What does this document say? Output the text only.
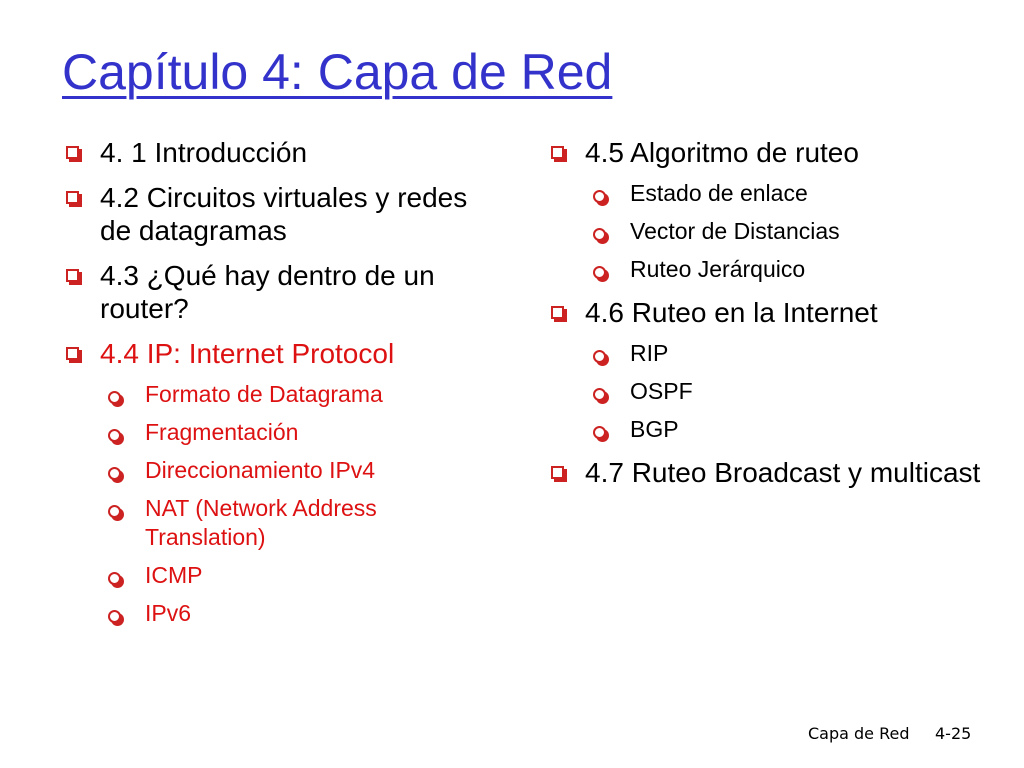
Capítulo 4: Capa de Red
4. 1 Introducción
4.2 Circuitos virtuales y redes de datagramas
4.3 ¿Qué hay dentro de un router?
4.4 IP: Internet Protocol
Formato de Datagrama
Fragmentación
Direccionamiento IPv4
NAT (Network Address Translation)
ICMP
IPv6
4.5 Algoritmo de ruteo
Estado de enlace
Vector de Distancias
Ruteo Jerárquico
4.6 Ruteo en la Internet
RIP
OSPF
BGP
4.7 Ruteo Broadcast y multicast
Capa de Red 4-25
